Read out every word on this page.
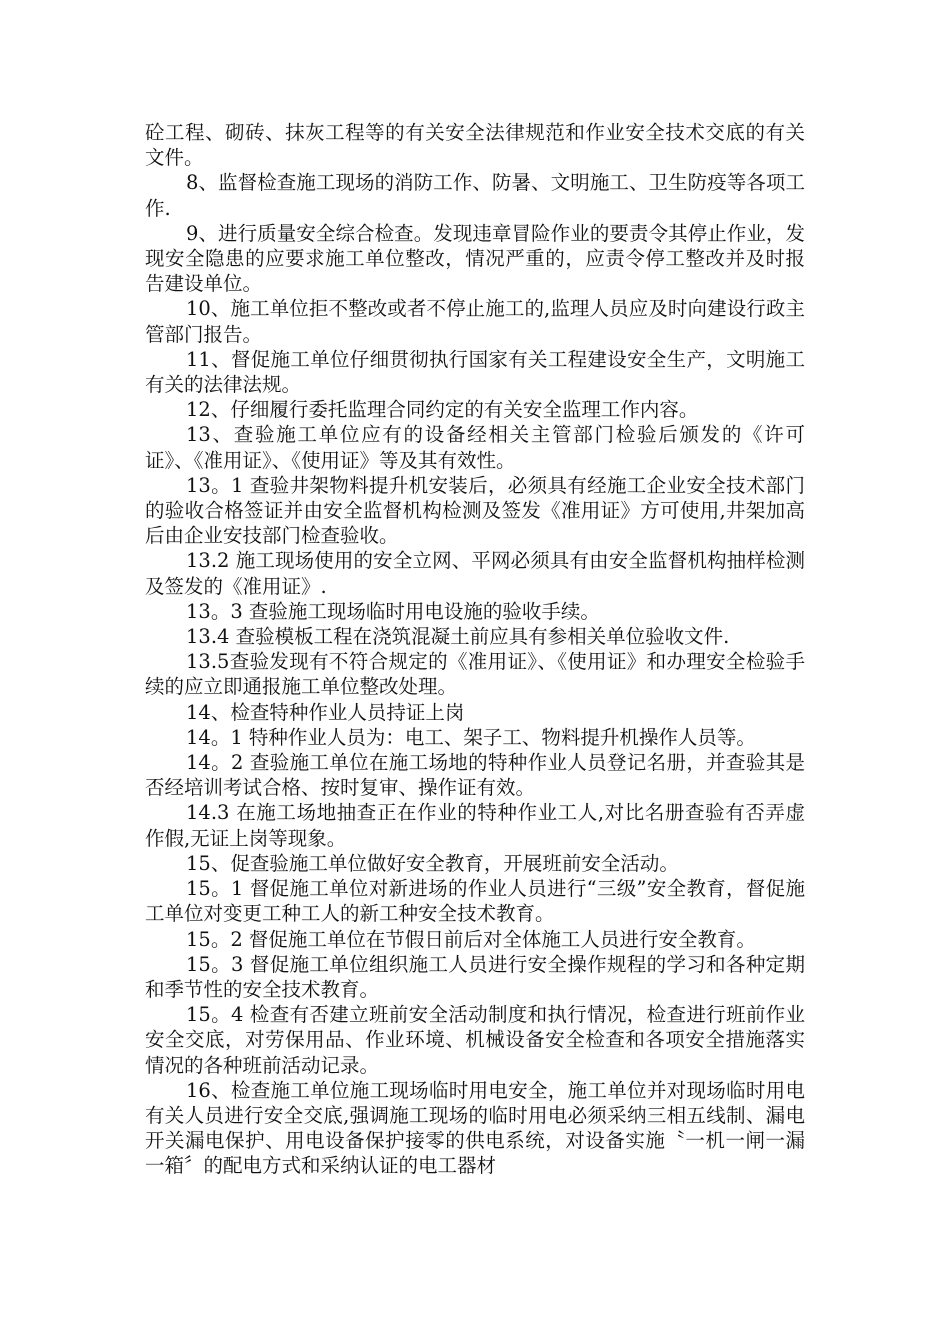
砼工程、砌砖、抹灰工程等的有关安全法律规范和作业安全技术交底的有关文件。

8、监督检查施工现场的消防工作、防暑、文明施工、卫生防疫等各项工作.

9、进行质量安全综合检查。发现违章冒险作业的要责令其停止作业，发现安全隐患的应要求施工单位整改，情况严重的，应责令停工整改并及时报告建设单位。

10、施工单位拒不整改或者不停止施工的,监理人员应及时向建设行政主管部门报告。

11、督促施工单位仔细贯彻执行国家有关工程建设安全生产，文明施工有关的法律法规。

12、仔细履行委托监理合同约定的有关安全监理工作内容。

13、查验施工单位应有的设备经相关主管部门检验后颁发的《许可证》、《准用证》、《使用证》等及其有效性。

13。1 查验井架物料提升机安装后，必须具有经施工企业安全技术部门的验收合格签证并由安全监督机构检测及签发《准用证》方可使用,井架加高后由企业安技部门检查验收。

13.2 施工现场使用的安全立网、平网必须具有由安全监督机构抽样检测及签发的《准用证》.

13。3 查验施工现场临时用电设施的验收手续。

13.4 查验模板工程在浇筑混凝土前应具有参相关单位验收文件.

13.5查验发现有不符合规定的《准用证》、《使用证》和办理安全检验手续的应立即通报施工单位整改处理。

14、检查特种作业人员持证上岗

14。1 特种作业人员为：电工、架子工、物料提升机操作人员等。

14。2 查验施工单位在施工场地的特种作业人员登记名册，并查验其是否经培训考试合格、按时复审、操作证有效。

14.3 在施工场地抽查正在作业的特种作业工人,对比名册查验有否弄虚作假,无证上岗等现象。

15、促查验施工单位做好安全教育，开展班前安全活动。

15。1 督促施工单位对新进场的作业人员进行“三级”安全教育，督促施工单位对变更工种工人的新工种安全技术教育。

15。2 督促施工单位在节假日前后对全体施工人员进行安全教育。

15。3 督促施工单位组织施工人员进行安全操作规程的学习和各种定期和季节性的安全技术教育。

15。4 检查有否建立班前安全活动制度和执行情况，检查进行班前作业安全交底，对劳保用品、作业环境、机械设备安全检查和各项安全措施落实情况的各种班前活动记录。

16、检查施工单位施工现场临时用电安全，施工单位并对现场临时用电有关人员进行安全交底,强调施工现场的临时用电必须采纳三相五线制、漏电开关漏电保护、用电设备保护接零的供电系统，对设备实施〝一机一闸一漏一箱〞的配电方式和采纳认证的电工器材
